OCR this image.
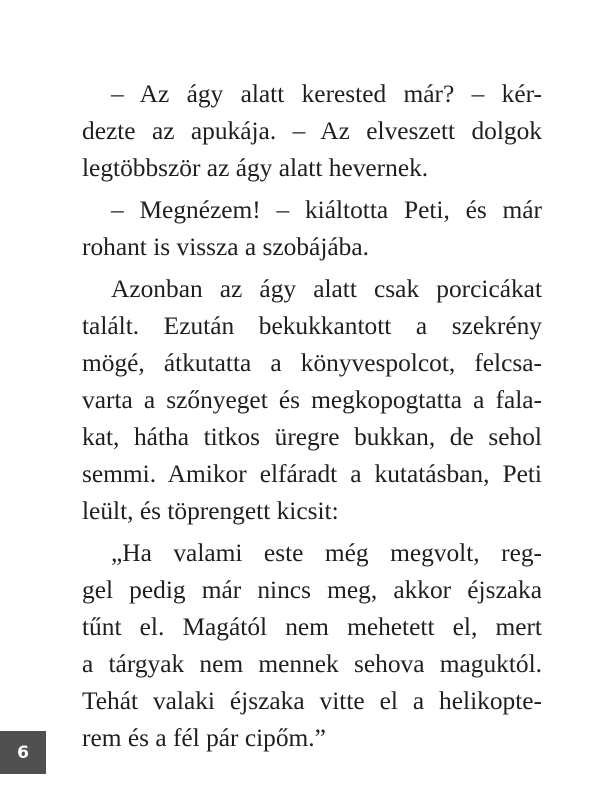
– Az ágy alatt kerested már? – kér-
dezte az apukája. – Az elveszett dolgok
legtöbbször az ágy alatt hevernek.
– Megnézem! – kiáltotta Peti, és már
rohant is vissza a szobájába.
Azonban az ágy alatt csak porcicákat
talált. Ezután bekukkantott a szekrény
mögé, átkutatta a könyvespolcot, felcsa-
varta a szőnyeget és megkopogtatta a fala-
kat, hátha titkos üregre bukkan, de sehol
semmi. Amikor elfáradt a kutatásban, Peti
leült, és töprengett kicsit:
„Ha valami este még megvolt, reg-
gel pedig már nincs meg, akkor éjszaka
tűnt el. Magától nem mehetett el, mert
a tárgyak nem mennek sehova maguktól.
Tehát valaki éjszaka vitte el a helikopte-
rem és a fél pár cipőm.”
6
